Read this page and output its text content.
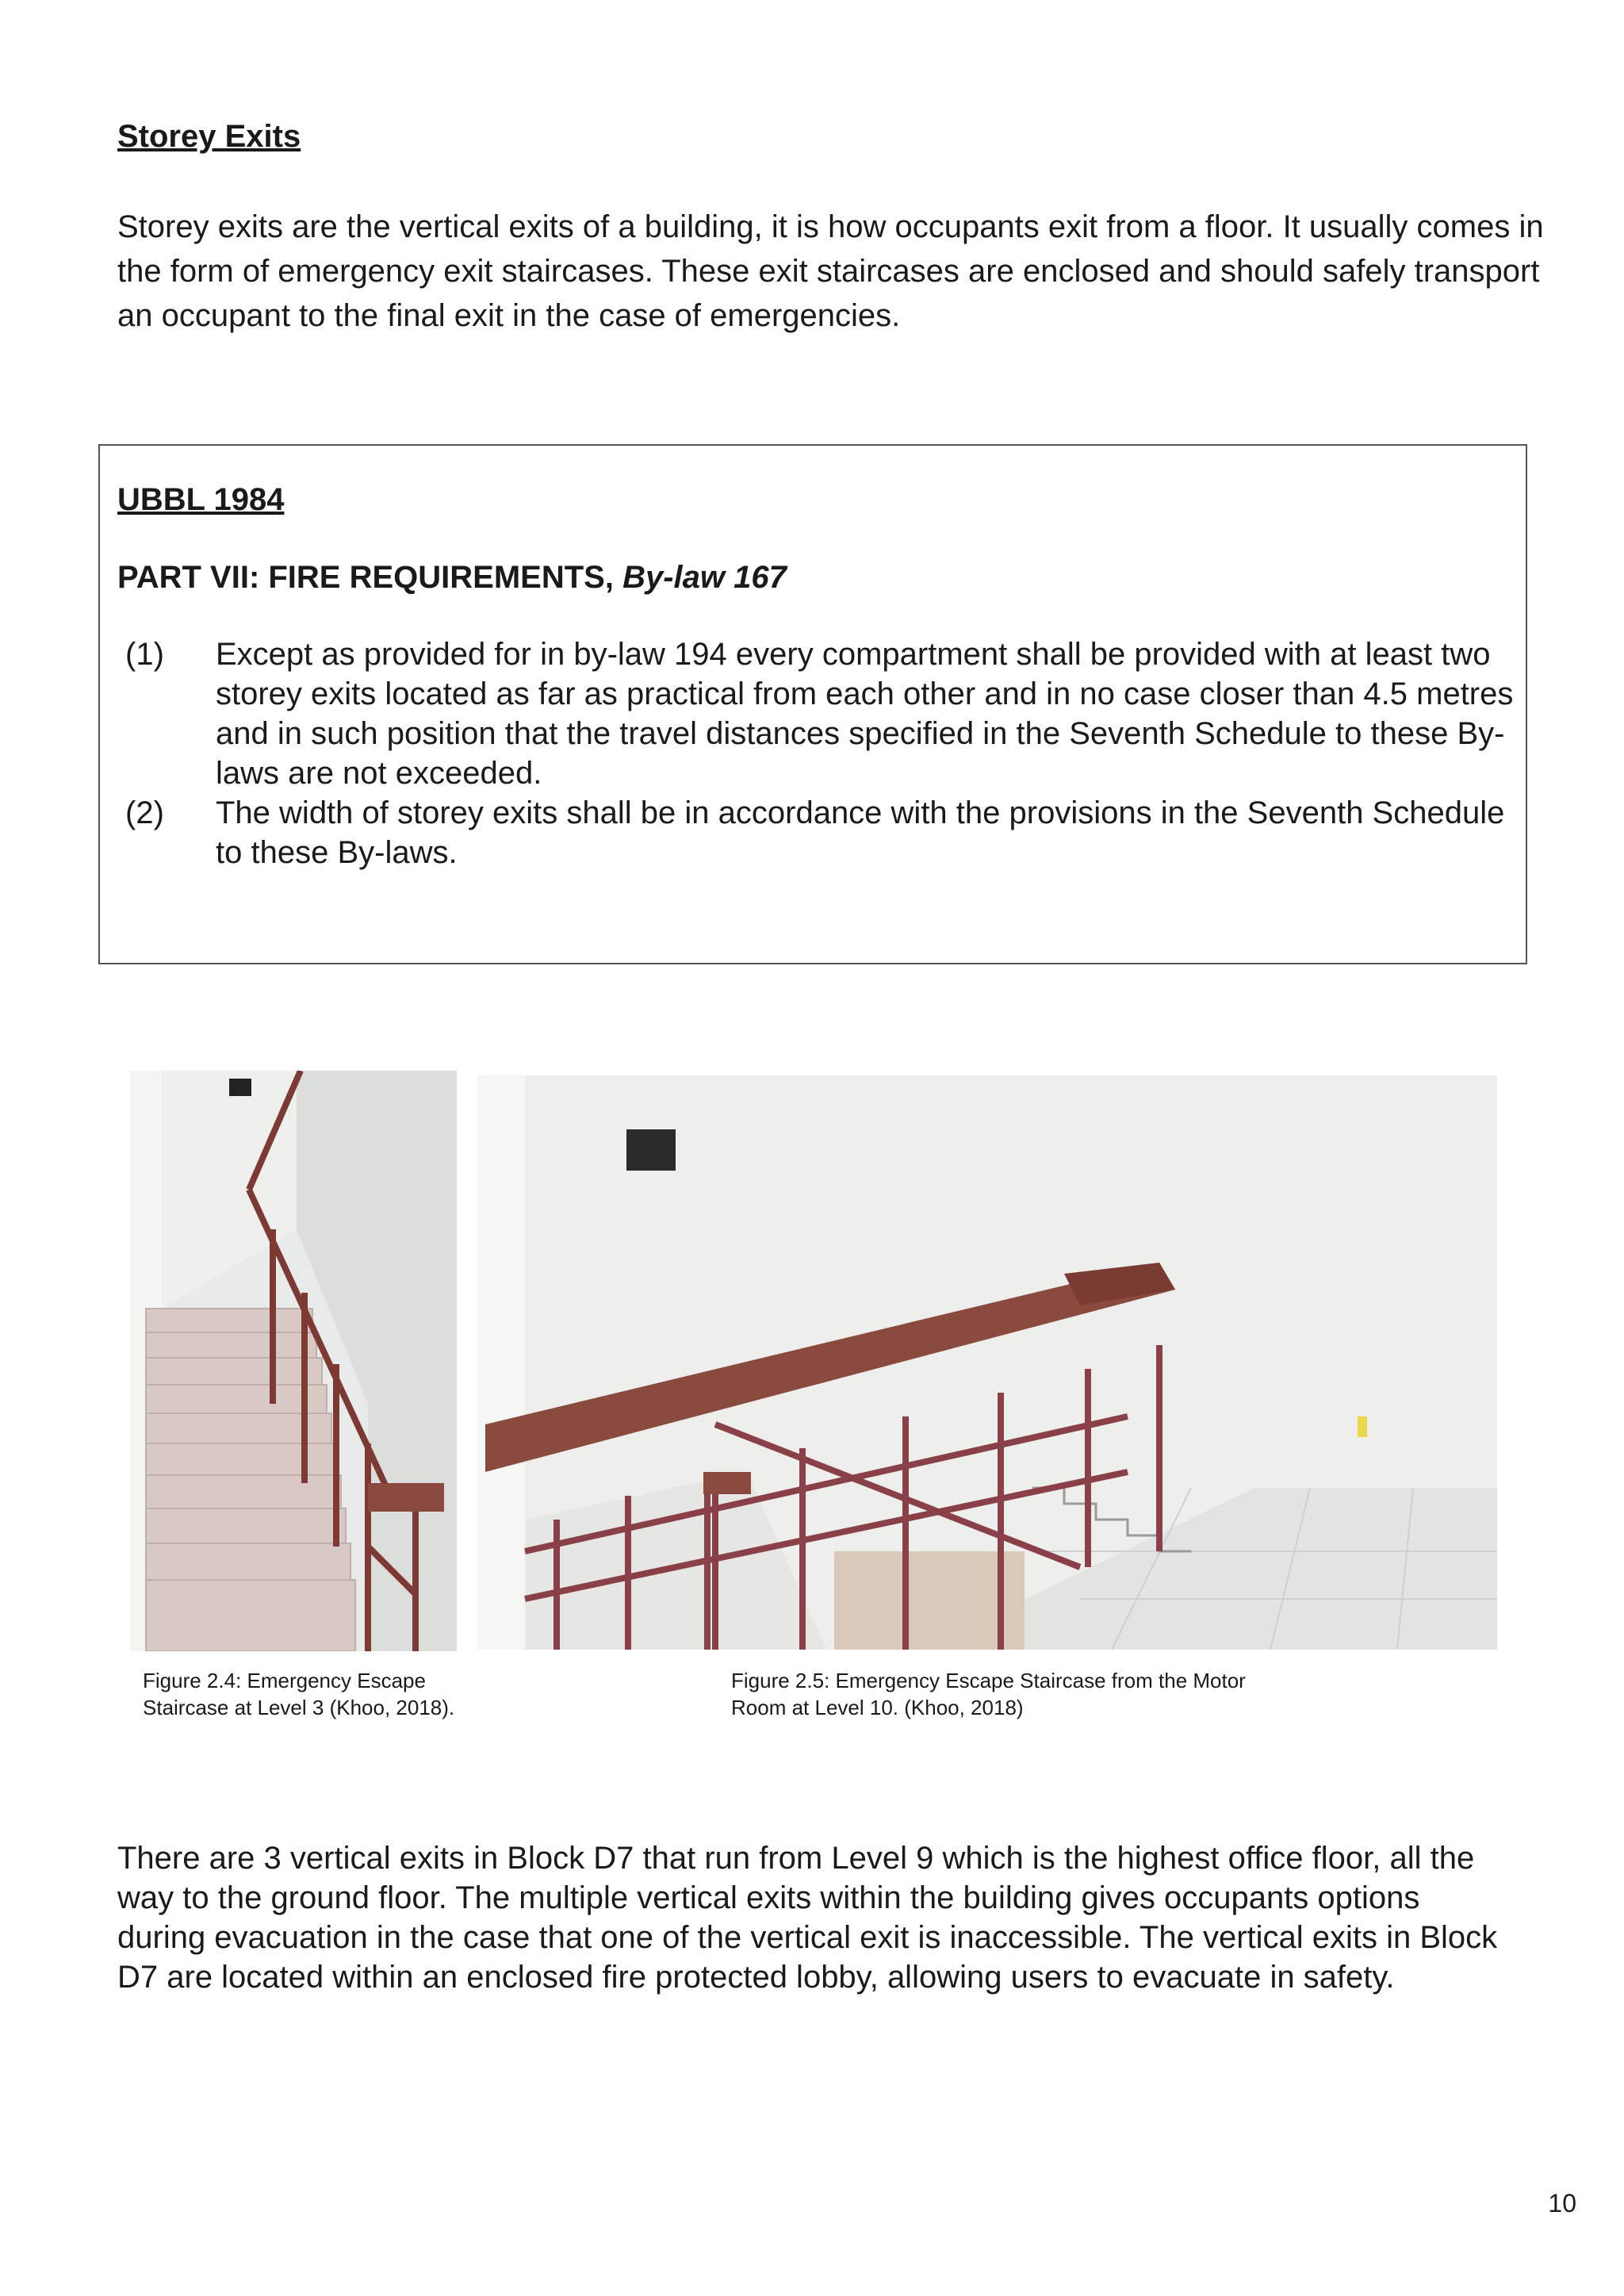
Storey Exits

Storey exits are the vertical exits of a building, it is how occupants exit from a floor. It usually comes in the form of emergency exit staircases. These exit staircases are enclosed and should safely transport an occupant to the final exit in the case of emergencies.

UBBL 1984

PART VII: FIRE REQUIREMENTS, By-law 167

(1)	Except as provided for in by-law 194 every compartment shall be provided with at least two storey exits located as far as practical from each other and in no case closer than 4.5 metres and in such position that the travel distances specified in the Seventh Schedule to these By-laws are not exceeded.
(2)	The width of storey exits shall be in accordance with the provisions in the Seventh Schedule to these By-laws.

Figure 2.4: Emergency Escape Staircase at Level 3 (Khoo, 2018).

Figure 2.5: Emergency Escape Staircase from the Motor Room at Level 10. (Khoo, 2018)

There are 3 vertical exits in Block D7 that run from Level 9 which is the highest office floor, all the way to the ground floor. The multiple vertical exits within the building gives occupants options during evacuation in the case that one of the vertical exit is inaccessible. The vertical exits in Block D7 are located within an enclosed fire protected lobby, allowing users to evacuate in safety.

10
